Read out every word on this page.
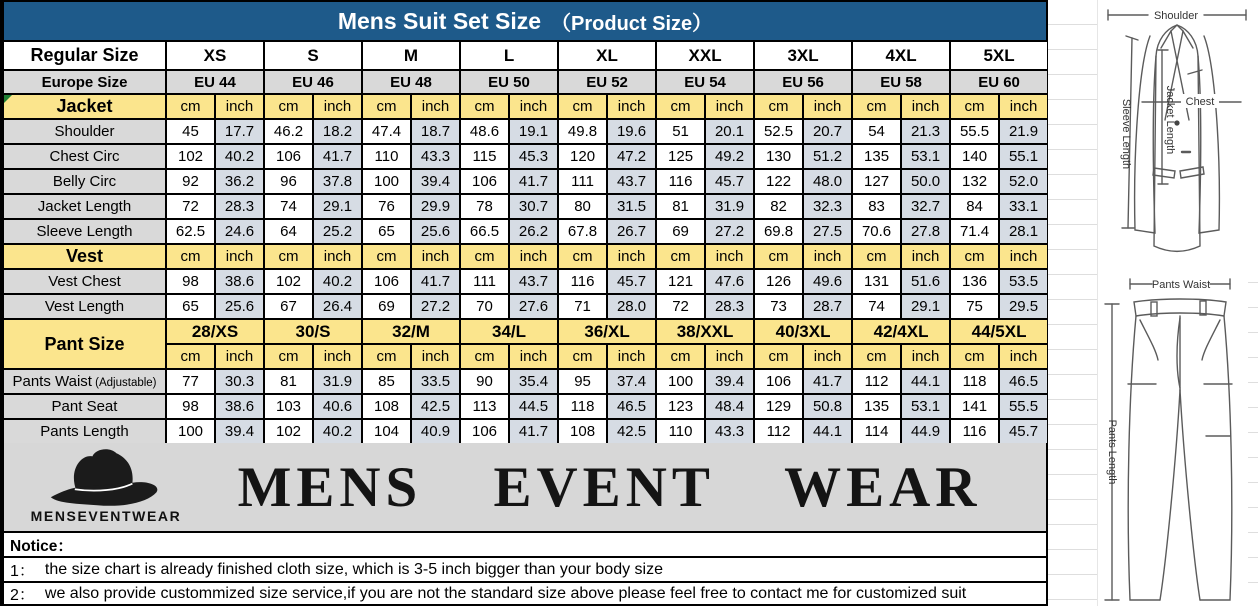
Mens Suit Set Size （Product Size）
Regular Size	XS		S		M		L		XL		XXL		3XL		4XL		5XL	
Europe Size	EU 44		EU 46		EU 48		EU 50		EU 52		EU 54		EU 56		EU 58		EU 60	
Jacket	cm	inch	cm	inch	cm	inch	cm	inch	cm	inch	cm	inch	cm	inch	cm	inch	cm	inch
Shoulder	45	17.7	46.2	18.2	47.4	18.7	48.6	19.1	49.8	19.6	51	20.1	52.5	20.7	54	21.3	55.5	21.9
Chest Circ	102	40.2	106	41.7	110	43.3	115	45.3	120	47.2	125	49.2	130	51.2	135	53.1	140	55.1
Belly Circ	92	36.2	96	37.8	100	39.4	106	41.7	111	43.7	116	45.7	122	48.0	127	50.0	132	52.0
Jacket Length	72	28.3	74	29.1	76	29.9	78	30.7	80	31.5	81	31.9	82	32.3	83	32.7	84	33.1
Sleeve Length	62.5	24.6	64	25.2	65	25.6	66.5	26.2	67.8	26.7	69	27.2	69.8	27.5	70.6	27.8	71.4	28.1
Vest	cm	inch	cm	inch	cm	inch	cm	inch	cm	inch	cm	inch	cm	inch	cm	inch	cm	inch
Vest Chest	98	38.6	102	40.2	106	41.7	111	43.7	116	45.7	121	47.6	126	49.6	131	51.6	136	53.5
Vest Length	65	25.6	67	26.4	69	27.2	70	27.6	71	28.0	72	28.3	73	28.7	74	29.1	75	29.5
Pant Size	28/XS		30/S		32/M		34/L		36/XL		38/XXL		40/3XL		42/4XL		44/5XL	
	cm	inch	cm	inch	cm	inch	cm	inch	cm	inch	cm	inch	cm	inch	cm	inch	cm	inch
Pants Waist (Adjustable)	77	30.3	81	31.9	85	33.5	90	35.4	95	37.4	100	39.4	106	41.7	112	44.1	118	46.5
Pant Seat	98	38.6	103	40.6	108	42.5	113	44.5	118	46.5	123	48.4	129	50.8	135	53.1	141	55.5
Pants Length	100	39.4	102	40.2	104	40.9	106	41.7	108	42.5	110	43.3	112	44.1	114	44.9	116	45.7
MENSEVENTWEAR MENS EVENT WEAR
Notice：
1： the size chart is already finished cloth size, which is 3-5 inch bigger than your body size
2： we also provide custommized size service,if you are not the standard size above please feel free to contact me for customized suit
Shoulder
Chest
Jacket Length
Sleeve Length
Pants Waist
Pants Length
